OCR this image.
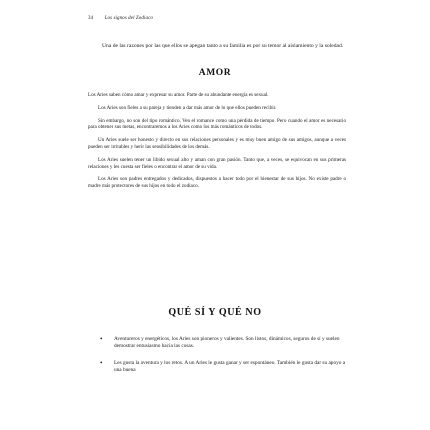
34 Los signos del Zodiaco

Una de las razones por las que ellos se apegan tanto a su familia es por su temor al aislamiento y la soledad.

AMOR

Los Aries saben cómo amar y expresar su amor. Parte de su abundante energía es sexual.

Los Aries son fieles a su pareja y tienden a dar más amor de lo que ellos pueden recibir.

Sin embargo, no son del tipo romántico. Ven el romance como una pérdida de tiempo. Pero cuando el amor es necesario para obtener sus metas, encontraremos a los Aries como los más románticos de todos.

Un Aries suele ser honesto y directo en sus relaciones personales y es muy buen amigo de sus amigos, aunque a veces pueden ser irritables y herir las sensibilidades de los demás.

Los Aries suelen tener un libido sexual alto y aman con gran pasión. Tanto que, a veces, se equivocan en sus primeras relaciones y les cuesta ser fieles o encontrar el amor de su vida.

Los Aries son padres entregados y dedicados, dispuestos a hacer todo por el bienestar de sus hijos. No existe padre o madre más protectores de sus hijos en todo el zodiaco.

QUÉ SÍ Y QUÉ NO
• Aventureros y energéticos, los Aries son pioneros y valientes. Son listos, dinámicos, seguros de sí y suelen demostrar entusiasmo hacia las cosas.
• Les gusta la aventura y los retos. A un Aries le gusta ganar y ser espontáneo. También le gusta dar su apoyo a una buena
